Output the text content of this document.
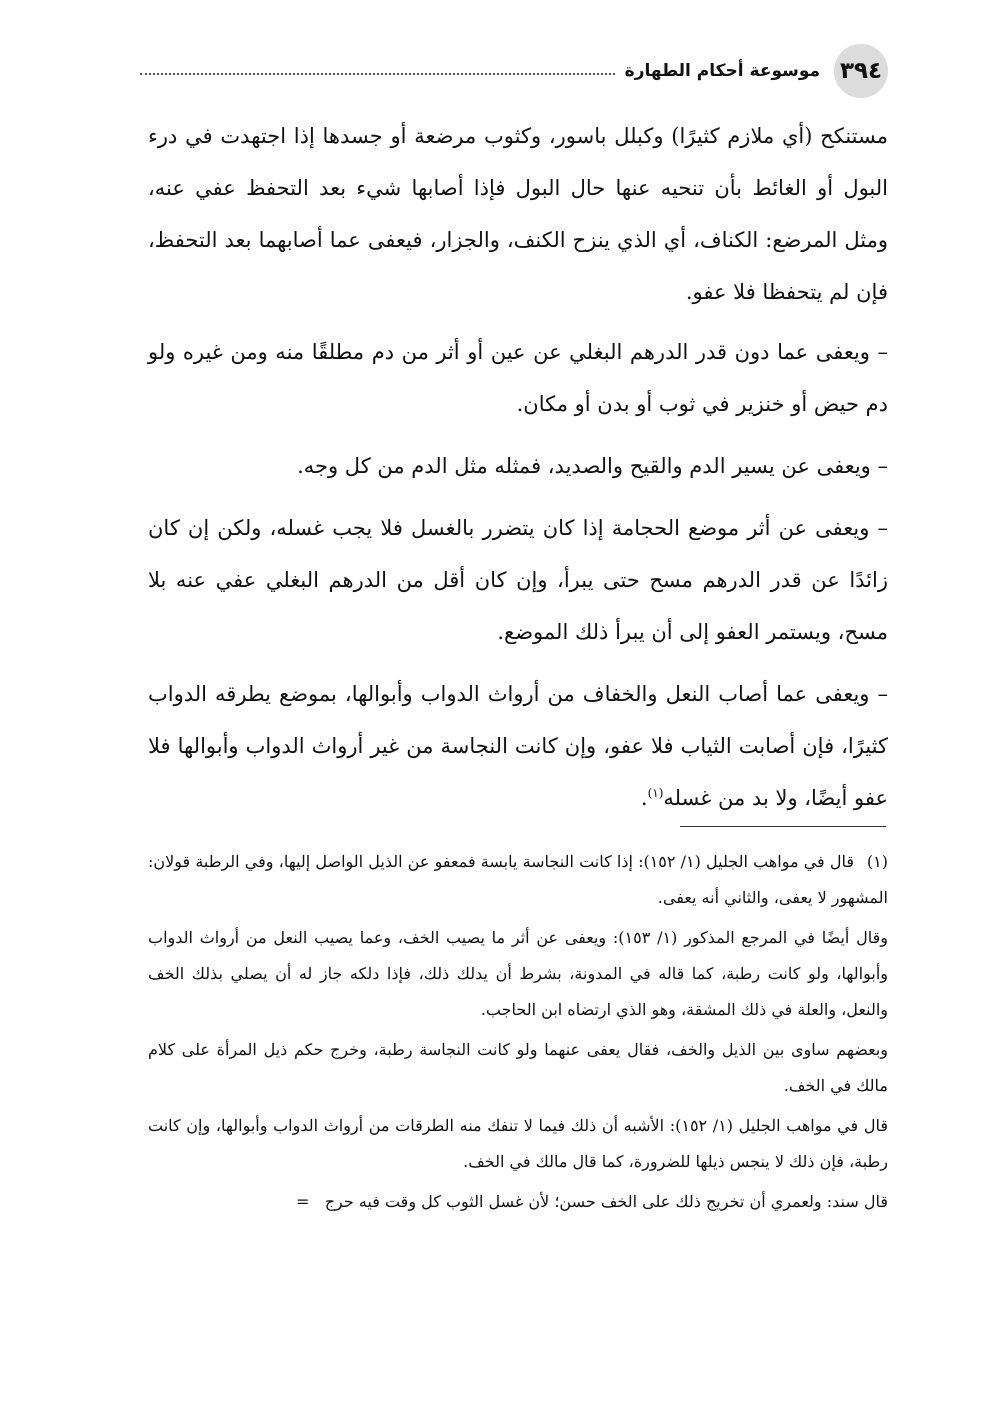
٣٩٤
موسوعة أحكام الطهارة

مستنكح (أي ملازم كثيرًا) وكبلل باسور، وكثوب مرضعة أو جسدها إذا اجتهدت في درء البول أو الغائط بأن تنحيه عنها حال البول فإذا أصابها شيء بعد التحفظ عفي عنه، ومثل المرضع: الكناف، أي الذي ينزح الكنف، والجزار، فيعفى عما أصابهما بعد التحفظ، فإن لم يتحفظا فلا عفو.

– ويعفى عما دون قدر الدرهم البغلي عن عين أو أثر من دم مطلقًا منه ومن غيره ولو دم حيض أو خنزير في ثوب أو بدن أو مكان.

– ويعفى عن يسير الدم والقيح والصديد، فمثله مثل الدم من كل وجه.

– ويعفى عن أثر موضع الحجامة إذا كان يتضرر بالغسل فلا يجب غسله، ولكن إن كان زائدًا عن قدر الدرهم مسح حتى يبرأ، وإن كان أقل من الدرهم البغلي عفي عنه بلا مسح، ويستمر العفو إلى أن يبرأ ذلك الموضع.

– ويعفى عما أصاب النعل والخفاف من أرواث الدواب وأبوالها، بموضع يطرقه الدواب كثيرًا، فإن أصابت الثياب فلا عفو، وإن كانت النجاسة من غير أرواث الدواب وأبوالها فلا عفو أيضًا، ولا بد من غسله$^{(١)}$.

(١)قال في مواهب الجليل (١/ ١٥٢): إذا كانت النجاسة يابسة فمعفو عن الذيل الواصل إليها، وفي الرطبة قولان: المشهور لا يعفى، والثاني أنه يعفى.

وقال أيضًا في المرجع المذكور (١/ ١٥٣): ويعفى عن أثر ما يصيب الخف، وعما يصيب النعل من أرواث الدواب وأبوالها، ولو كانت رطبة، كما قاله في المدونة، بشرط أن يدلك ذلك، فإذا دلكه جاز له أن يصلي بذلك الخف والنعل، والعلة في ذلك المشقة، وهو الذي ارتضاه ابن الحاجب.

وبعضهم ساوى بين الذيل والخف، فقال يعفى عنهما ولو كانت النجاسة رطبة، وخرج حكم ذيل المرأة على كلام مالك في الخف.

قال في مواهب الجليل (١/ ١٥٢): الأشبه أن ذلك فيما لا تنفك منه الطرقات من أرواث الدواب وأبوالها، وإن كانت رطبة، فإن ذلك لا ينجس ذيلها للضرورة، كما قال مالك في الخف.

قال سند: ولعمري أن تخريج ذلك على الخف حسن؛ لأن غسل الثوب كل وقت فيه حرج   =
